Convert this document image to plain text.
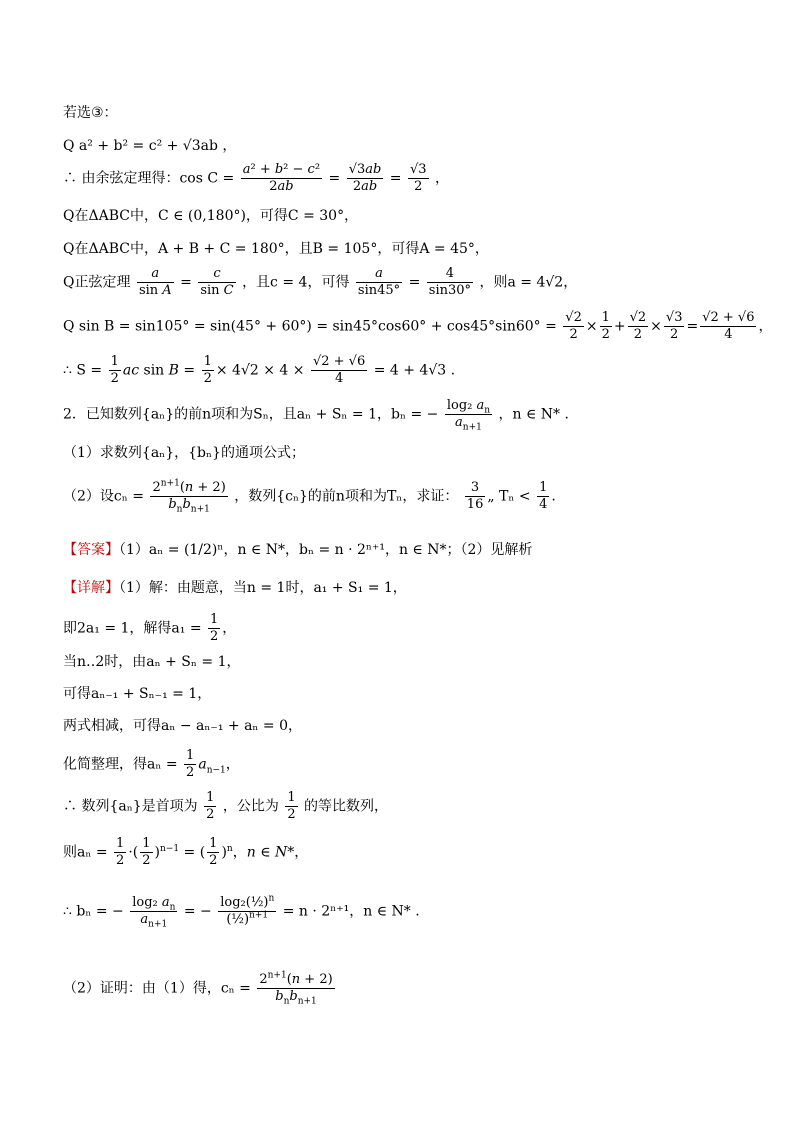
若选③：
Q a² + b² = c² + √3ab ，
∴ 由余弦定理得：$\cos C = \frac{\text{a² + b² − c²}}{2ab} = \frac{√3ab}{2ab} = \frac{√3}{2}$ ，
Q在ΔABC中，C ∈ (0,180°)，可得C = 30°，
Q在ΔABC中，A + B + C = 180°，且B = 105°，可得A = 45°，
Q正弦定理 $\frac{a}{\text{sin A}} = \frac{c}{\text{sin C}}$ ，且c = 4，可得 $\frac{a}{\sin 45^\circ} = \frac{4}{\sin 30^\circ}$ ，则a = 4√2，
Q $\sin B = \sin 105^\circ = \sin(45^\circ + 60^\circ) = \sin 45^\circ\cos 60^\circ + \cos 45^\circ\sin 60^\circ = \frac{√2}{2} \times \frac{1}{2} + \frac{√2}{2} \times \frac{√3}{2} = \frac{√2 + √6}{4}$ ，
∴ $S = \frac{1}{2}$ ac $\sin B = \frac{1}{2} \times 4√2 \times 4 \times \frac{√2 + √6}{4} = 4 + 4√3$ .
2．已知数列{aₙ}的前n项和为Sₙ，且aₙ + Sₙ = 1，bₙ = − $\frac{\log_2 a_n}{a_{n+1}}$ ，n ∈ N* .
（1）求数列{aₙ}，{bₙ}的通项公式；
（2）设$c_n = \frac{2^{n+1}(n + 2)}{b_nb_{n+1}}$ ，数列{cₙ}的前n项和为Tₙ，求证： $\frac{3}{16}$ „ $T_n < \frac{1}{4}$ .
【答案】（1）aₙ = (1/2)ⁿ，n ∈ N*，bₙ = n · 2ⁿ⁺¹，n ∈ N*；（2）见解析
【详解】（1）解：由题意，当n = 1时，a₁ + S₁ = 1，
即2a₁ = 1，解得$a_1 = \frac{1}{2}$ ，
当n‥2时，由aₙ + Sₙ = 1，
可得aₙ₋₁ + Sₙ₋₁ = 1，
两式相减，可得aₙ − aₙ₋₁ + aₙ = 0，
化简整理，得$a_n = \frac{1}{2} a_{n-1}$，
∴ 数列{aₙ}是首项为 $\frac{1}{2}$ ，公比为 $\frac{1}{2}$ 的等比数列，
则$a_n = \frac{1}{2}$ ·( $\frac{1}{2} )^{n-1}$ = ( $\frac{1}{2} )^n$，n ∈ N*，
∴ bₙ = − $\frac{\log_2 a_n}{a_{n+1}}$ = − $\frac{\log_2(\frac{1}{2})^n}{(\frac{1}{2})^{n+1}} = n \cdot 2^{n+1}$，n ∈ N* .
（2）证明：由（1）得，$c_n = \frac{2^{n+1}(n + 2)}{b_nb_{n+1}}$
